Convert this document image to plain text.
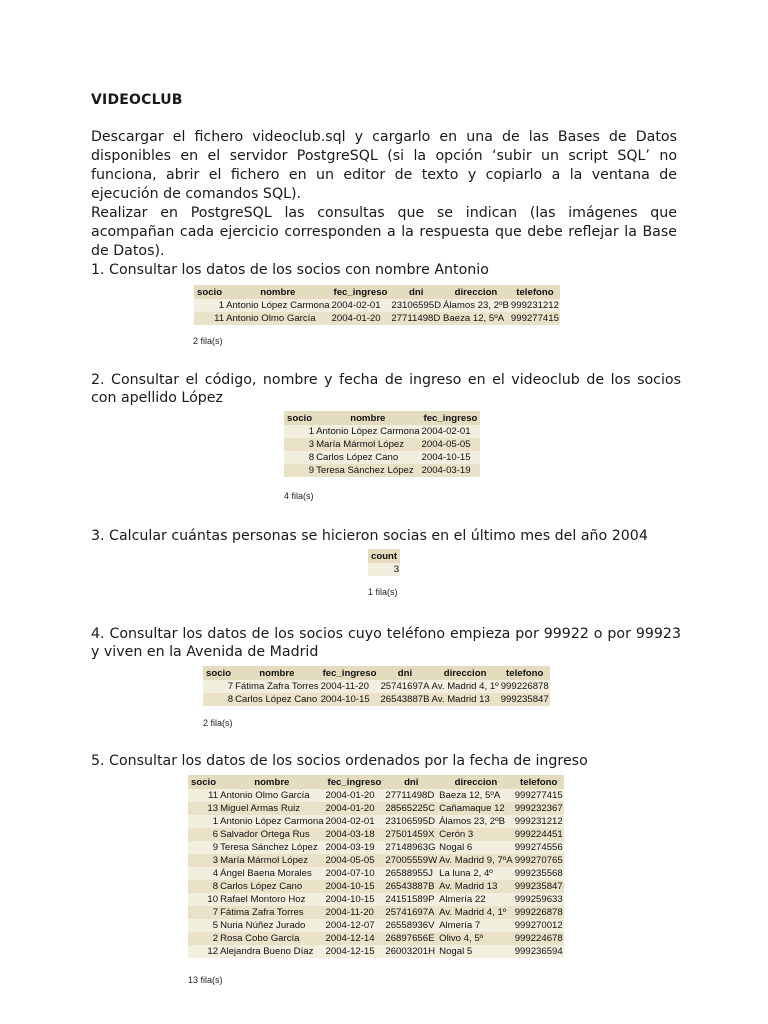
VIDEOCLUB
Descargar el fichero videoclub.sql y cargarlo en una de las Bases de Datos disponibles en el servidor PostgreSQL (si la opción ‘subir un script SQL’ no funciona, abrir el fichero en un editor de texto y copiarlo a la ventana de ejecución de comandos SQL).
Realizar en PostgreSQL las consultas que se indican (las imágenes que acompañan cada ejercicio corresponden a la respuesta que debe reflejar la Base de Datos).
1. Consultar los datos de los socios con nombre Antonio
socio	nombre	fec_ingreso	dni	direccion	telefono
1	Antonio López Carmona	2004-02-01	23106595D	Álamos 23, 2ºB	999231212
11	Antonio Olmo García	2004-01-20	27711498D	Baeza 12, 5ºA	999277415
2 fila(s)
2. Consultar el código, nombre y fecha de ingreso en el videoclub de los socios con apellido López
socio	nombre	fec_ingreso
1	Antonio López Carmona	2004-02-01
3	María Mármol López	2004-05-05
8	Carlos López Cano	2004-10-15
9	Teresa Sánchez López	2004-03-19
4 fila(s)
3. Calcular cuántas personas se hicieron socias en el último mes del año 2004
count
3
1 fila(s)
4. Consultar los datos de los socios cuyo teléfono empieza por 99922 o por 99923 y viven en la Avenida de Madrid
socio	nombre	fec_ingreso	dni	direccion	telefono
7	Fátima Zafra Torres	2004-11-20	25741697A	Av. Madrid 4, 1º	999226878
8	Carlos López Cano	2004-10-15	26543887B	Av. Madrid 13	999235847
2 fila(s)
5. Consultar los datos de los socios ordenados por la fecha de ingreso
socio	nombre	fec_ingreso	dni	direccion	telefono
11	Antonio Olmo García	2004-01-20	27711498D	Baeza 12, 5ºA	999277415
13	Miguel Armas Ruiz	2004-01-20	28565225C	Cañamaque 12	999232367
1	Antonio López Carmona	2004-02-01	23106595D	Álamos 23, 2ºB	999231212
6	Salvador Ortega Rus	2004-03-18	27501459X	Cerón 3	999224451
9	Teresa Sánchez López	2004-03-19	27148963G	Nogal 6	999274556
3	María Mármol López	2004-05-05	27005559W	Av. Madrid 9, 7ºA	999270765
4	Ángel Baena Morales	2004-07-10	26588955J	La luna 2, 4º	999235568
8	Carlos López Cano	2004-10-15	26543887B	Av. Madrid 13	999235847
10	Rafael Montoro Hoz	2004-10-15	24151589P	Almería 22	999259633
7	Fátima Zafra Torres	2004-11-20	25741697A	Av. Madrid 4, 1º	999226878
5	Nuria Núñez Jurado	2004-12-07	26558936V	Almería 7	999270012
2	Rosa Cobo García	2004-12-14	26897656E	Olivo 4, 5º	999224678
12	Alejandra Bueno Díaz	2004-12-15	26003201H	Nogal 5	999236594
13 fila(s)
